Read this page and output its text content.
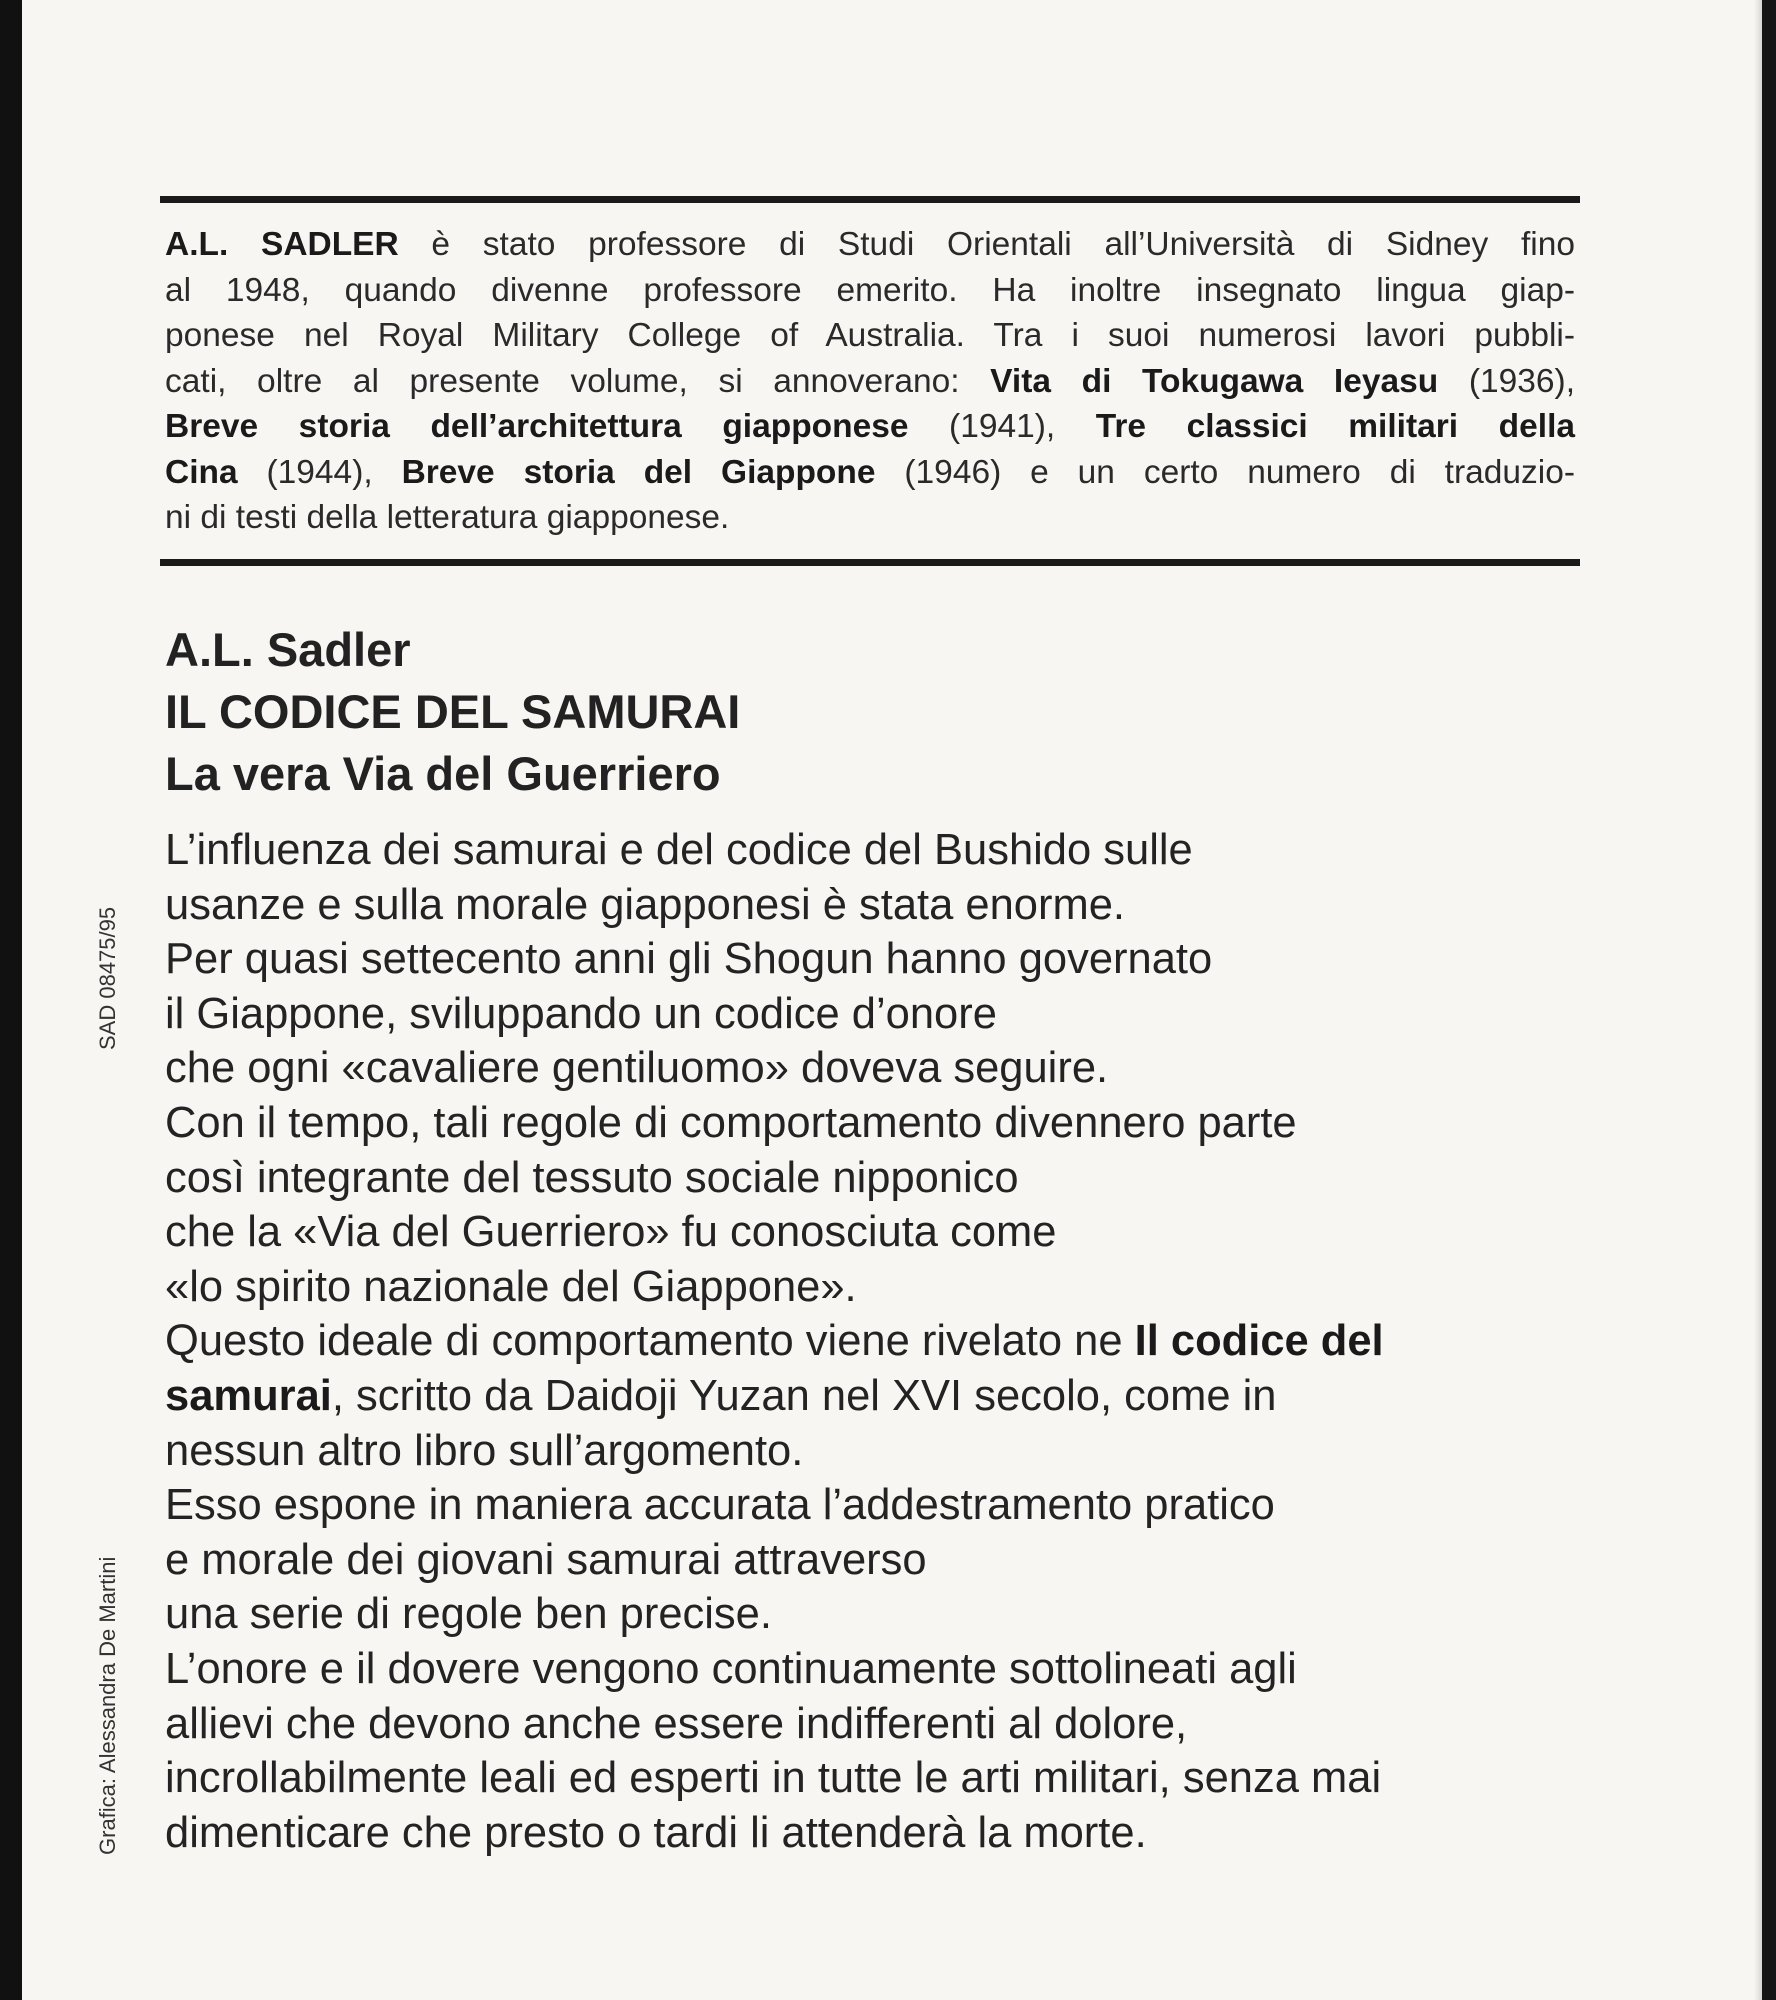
A.L. SADLER è stato professore di Studi Orientali all’Università di Sidney fino
al 1948, quando divenne professore emerito. Ha inoltre insegnato lingua giap-
ponese nel Royal Military College of Australia. Tra i suoi numerosi lavori pubbli-
cati, oltre al presente volume, si annoverano: Vita di Tokugawa Ieyasu (1936),
Breve storia dell’architettura giapponese (1941), Tre classici militari della
Cina (1944), Breve storia del Giappone (1946) e un certo numero di traduzio-
ni di testi della letteratura giapponese.
A.L. Sadler
IL CODICE DEL SAMURAI
La vera Via del Guerriero
L’influenza dei samurai e del codice del Bushido sulle
usanze e sulla morale giapponesi è stata enorme.
Per quasi settecento anni gli Shogun hanno governato
il Giappone, sviluppando un codice d’onore
che ogni «cavaliere gentiluomo» doveva seguire.
Con il tempo, tali regole di comportamento divennero parte
così integrante del tessuto sociale nipponico
che la «Via del Guerriero» fu conosciuta come
«lo spirito nazionale del Giappone».
Questo ideale di comportamento viene rivelato ne Il codice del
samurai, scritto da Daidoji Yuzan nel XVI secolo, come in
nessun altro libro sull’argomento.
Esso espone in maniera accurata l’addestramento pratico
e morale dei giovani samurai attraverso
una serie di regole ben precise.
L’onore e il dovere vengono continuamente sottolineati agli
allievi che devono anche essere indifferenti al dolore,
incrollabilmente leali ed esperti in tutte le arti militari, senza mai
dimenticare che presto o tardi li attenderà la morte.
SAD 08475/95
Grafica: Alessandra De Martini
